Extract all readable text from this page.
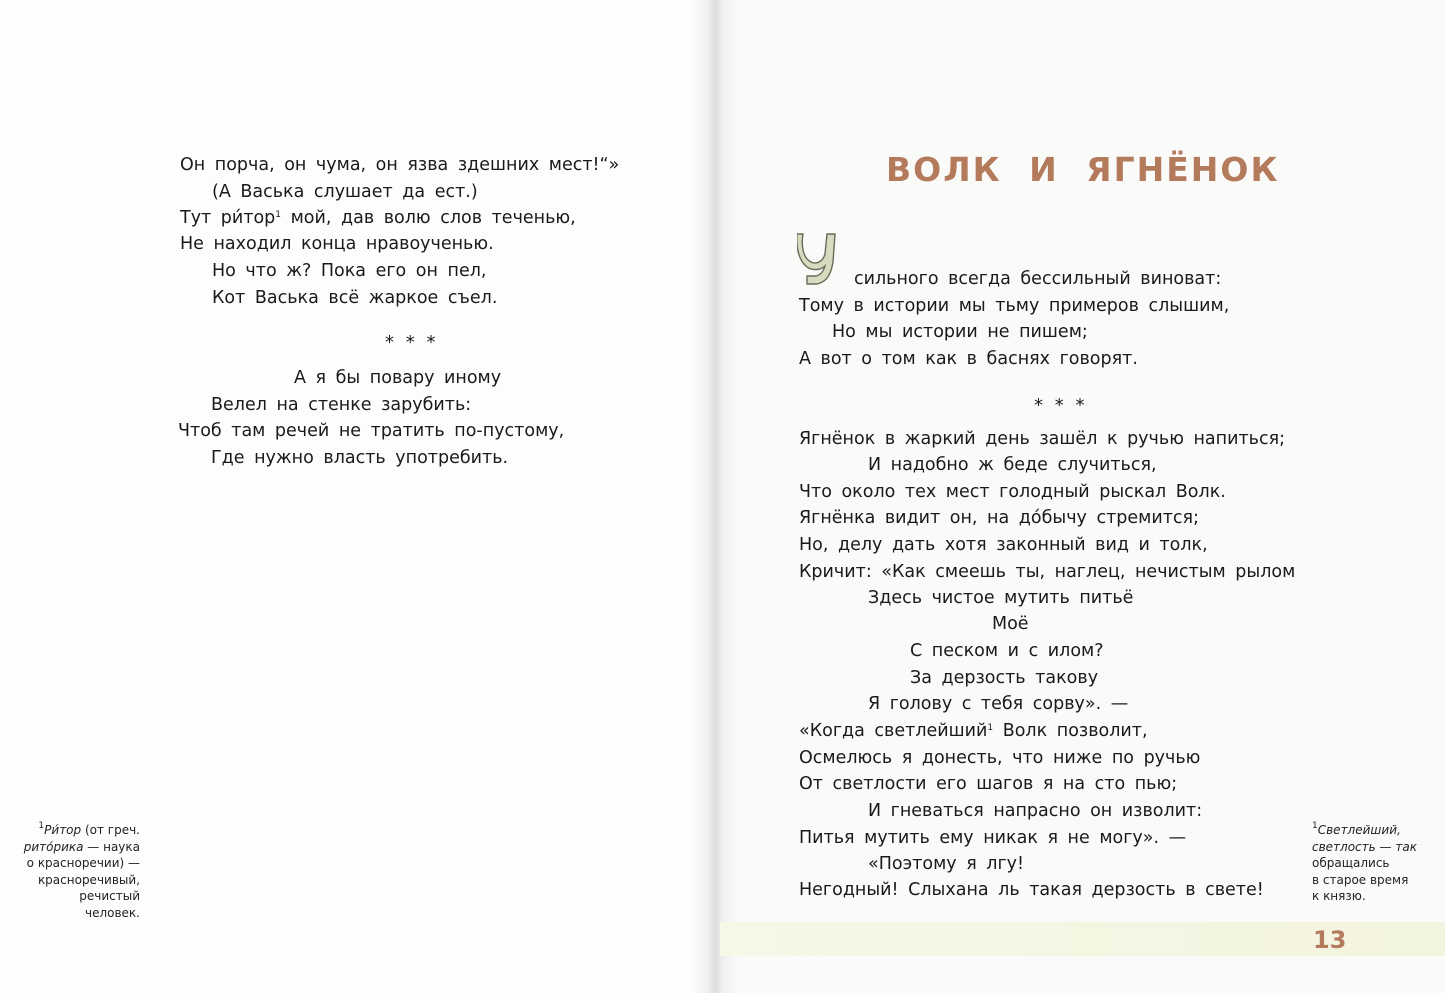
Он порча, он чума, он язва здешних мест!“»
(А Васька слушает да ест.)
Тут ри́тор$^1$ мой, дав волю слов теченью,
Не находил конца нравоученью.
Но что ж? Пока его он пел,
Кот Васька всё жаркое съел.
* * *
А я бы повару иному
Велел на стенке зарубить:
Чтоб там речей не тратить по-пустому,
Где нужно власть употребить.
$^1$Ри́тор (от греч.
рито́рика — наука
о красноречии) —
красноречивый,
речистый человек.
ВОЛК И ЯГНЁНОК
сильного всегда бессильный виноват:
Тому в истории мы тьму примеров слышим,
Но мы истории не пишем;
А вот о том как в баснях говорят.
* * *
Ягнёнок в жаркий день зашёл к ручью напиться;
И надобно ж беде случиться,
Что около тех мест голодный рыскал Волк.
Ягнёнка видит он, на до́бычу стремится;
Но, делу дать хотя законный вид и толк,
Кричит: «Как смеешь ты, наглец, нечистым рылом
Здесь чистое мутить питьё
Моё
С песком и с илом?
За дерзость такову
Я голову с тебя сорву». —
«Когда светлейший$^1$ Волк позволит,
Осмелюсь я донесть, что ниже по ручью
От светлости его шагов я на сто пью;
И гневаться напрасно он изволит:
Питья мутить ему никак я не могу». —
«Поэтому я лгу!
Негодный! Слыхана ль такая дерзость в свете!
$^1$Светлейший,
светлость — так
обращались
в старое время
к князю.
13
